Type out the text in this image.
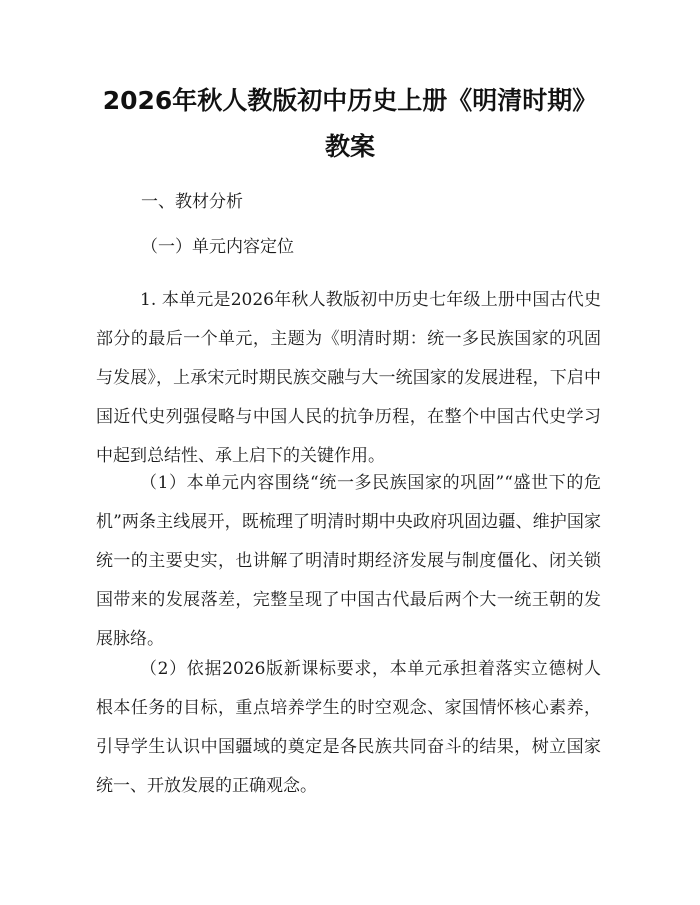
2026年秋人教版初中历史上册《明清时期》
教案
一、教材分析
（一）单元内容定位
1. 本单元是2026年秋人教版初中历史七年级上册中国古代史部分的最后一个单元，主题为《明清时期：统一多民族国家的巩固与发展》，上承宋元时期民族交融与大一统国家的发展进程，下启中国近代史列强侵略与中国人民的抗争历程，在整个中国古代史学习中起到总结性、承上启下的关键作用。
（1）本单元内容围绕“统一多民族国家的巩固”“盛世下的危机”两条主线展开，既梳理了明清时期中央政府巩固边疆、维护国家统一的主要史实，也讲解了明清时期经济发展与制度僵化、闭关锁国带来的发展落差，完整呈现了中国古代最后两个大一统王朝的发展脉络。
（2）依据2026版新课标要求，本单元承担着落实立德树人根本任务的目标，重点培养学生的时空观念、家国情怀核心素养，引导学生认识中国疆域的奠定是各民族共同奋斗的结果，树立国家统一、开放发展的正确观念。
